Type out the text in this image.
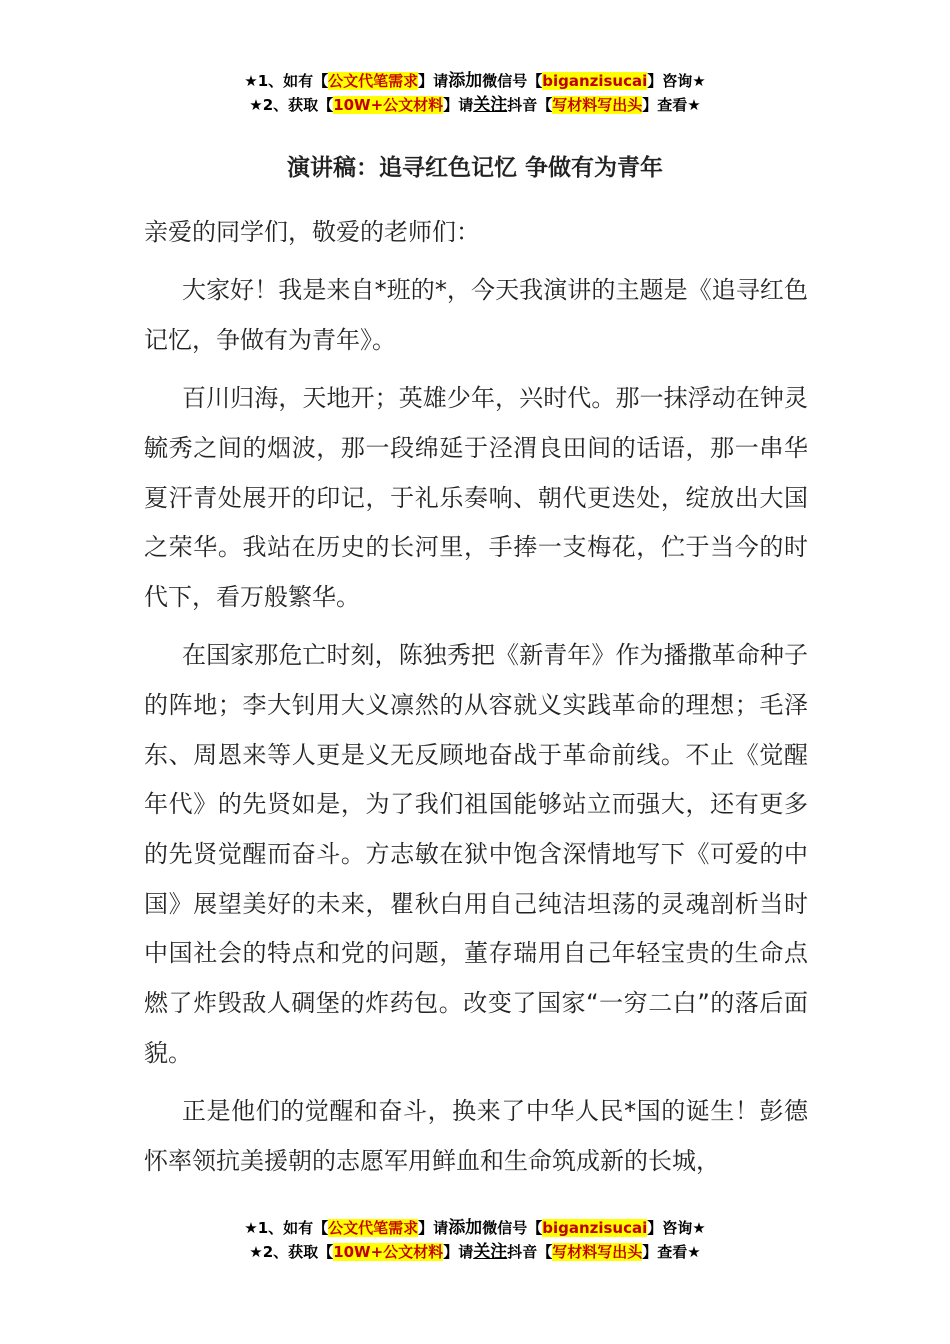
★1、如有【公文代笔需求】请添加微信号【biganzisucai】咨询★
★2、获取【10W+公文材料】请关注抖音【写材料写出头】查看★
演讲稿：追寻红色记忆 争做有为青年

亲爱的同学们，敬爱的老师们：

大家好！我是来自*班的*，今天我演讲的主题是《追寻红色记忆，争做有为青年》。

百川归海，天地开；英雄少年，兴时代。那一抹浮动在钟灵毓秀之间的烟波，那一段绵延于泾渭良田间的话语，那一串华夏汗青处展开的印记，于礼乐奏响、朝代更迭处，绽放出大国之荣华。我站在历史的长河里，手捧一支梅花，伫于当今的时代下，看万般繁华。

在国家那危亡时刻，陈独秀把《新青年》作为播撒革命种子的阵地；李大钊用大义凛然的从容就义实践革命的理想；毛泽东、周恩来等人更是义无反顾地奋战于革命前线。不止《觉醒年代》的先贤如是，为了我们祖国能够站立而强大，还有更多的先贤觉醒而奋斗。方志敏在狱中饱含深情地写下《可爱的中国》展望美好的未来，瞿秋白用自己纯洁坦荡的灵魂剖析当时中国社会的特点和党的问题，董存瑞用自己年轻宝贵的生命点燃了炸毁敌人碉堡的炸药包。改变了国家“一穷二白”的落后面貌。

正是他们的觉醒和奋斗，换来了中华人民*国的诞生！彭德怀率领抗美援朝的志愿军用鲜血和生命筑成新的长城，

★1、如有【公文代笔需求】请添加微信号【biganzisucai】咨询★
★2、获取【10W+公文材料】请关注抖音【写材料写出头】查看★
